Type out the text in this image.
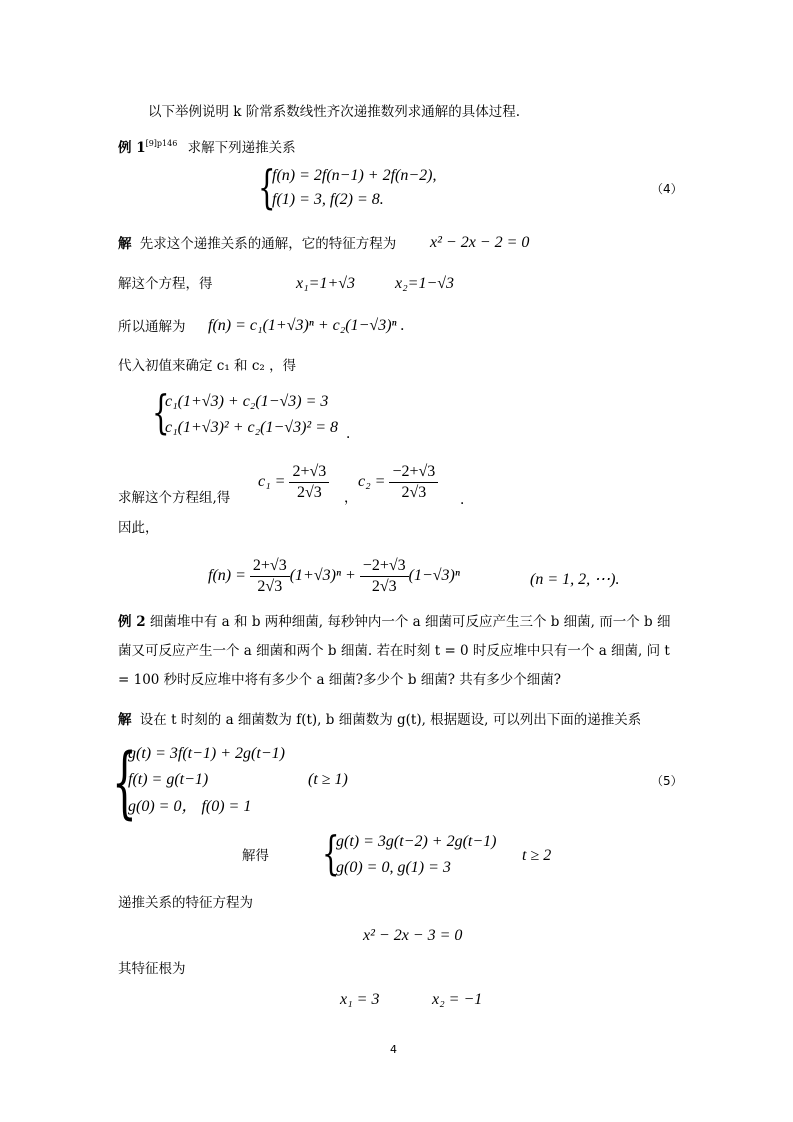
以下举例说明 k 阶常系数线性齐次递推数列求通解的具体过程.
例 $1^{[9]p146}$ 求解下列递推关系
{
f(n) = 2f(n−1) + 2f(n−2),
f(1) = 3, f(2) = 8.
（4）
解 先求这个递推关系的通解，它的特征方程为 x² − 2x − 2 = 0
解这个方程，得	x₁=1+√3 x₂=1−√3
所以通解为 f(n) = c₁(1+√3)ⁿ + c₂(1−√3)ⁿ .
代入初值来确定 c₁ 和 c₂ ，得
{
c₁(1+√3) + c₂(1−√3) = 3
c₁(1+√3)² + c₂(1−√3)² = 8 .
求解这个方程组,得
$c_1 = \frac{2+√3}{2√3}$ ，
$c_2 = \frac{-2+√3}{2√3}$ .
因此，
$f(n) = \frac{2+√3}{2√3} (1+√3)^n + \frac{-2+√3}{2√3} (1-√3)^n$	(n = 1, 2, ⋯).
例 2 细菌堆中有 a 和 b 两种细菌, 每秒钟内一个 a 细菌可反应产生三个 b 细菌, 而一个 b 细菌又可反应产生一个 a 细菌和两个 b 细菌. 若在时刻 t = 0 时反应堆中只有一个 a 细菌, 问 t = 100 秒时反应堆中将有多少个 a 细菌?多少个 b 细菌? 共有多少个细菌?
解 设在 t 时刻的 a 细菌数为 f(t), b 细菌数为 g(t), 根据题设, 可以列出下面的递推关系
{
g(t) = 3f(t−1) + 2g(t−1)
f(t) = g(t−1)	(t ≥ 1)
g(0) = 0， f(0) = 1
（5）
解得 {
g(t) = 3g(t−2) + 2g(t−1)
g(0) = 0, g(1) = 3
t ≥ 2
递推关系的特征方程为
x² − 2x − 3 = 0
其特征根为
x₁ = 3	x₂ = −1
4
